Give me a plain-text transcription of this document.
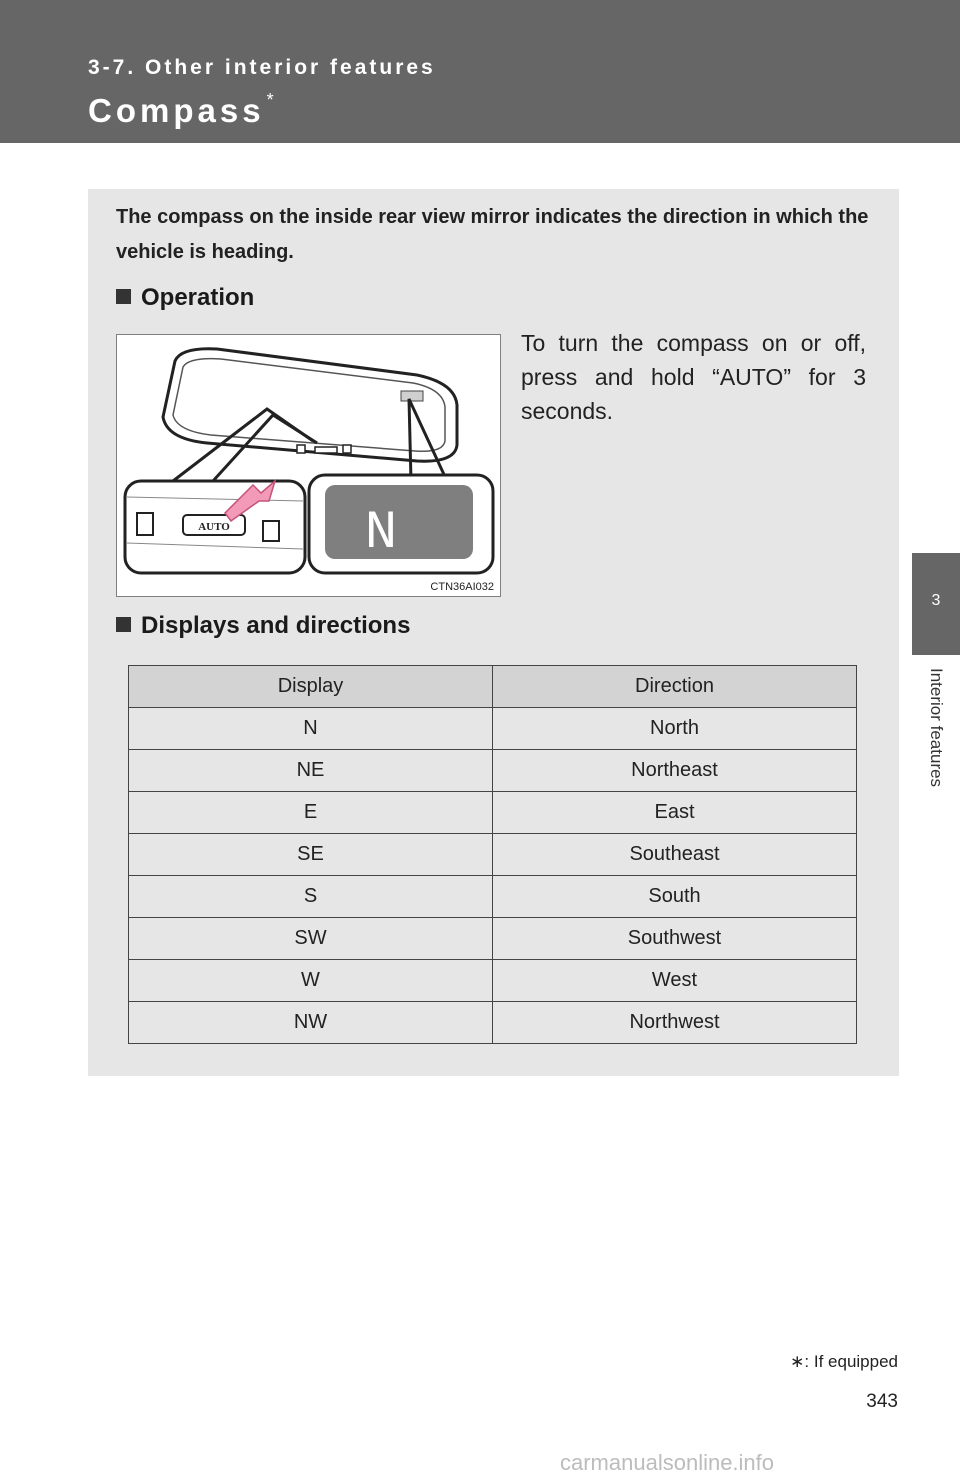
3-7. Other interior features
Compass *
3
Interior features
The compass on the inside rear view mirror indicates the direction in which the vehicle is heading.
Operation
AUTO	N
CTN36AI032
To turn the compass on or off, press and hold “AUTO” for 3 seconds.
Displays and directions
Display	Direction
N	North
NE	Northeast
E	East
SE	Southeast
S	South
SW	Southwest
W	West
NW	Northwest
∗: If equipped
343
carmanualsonline.info
